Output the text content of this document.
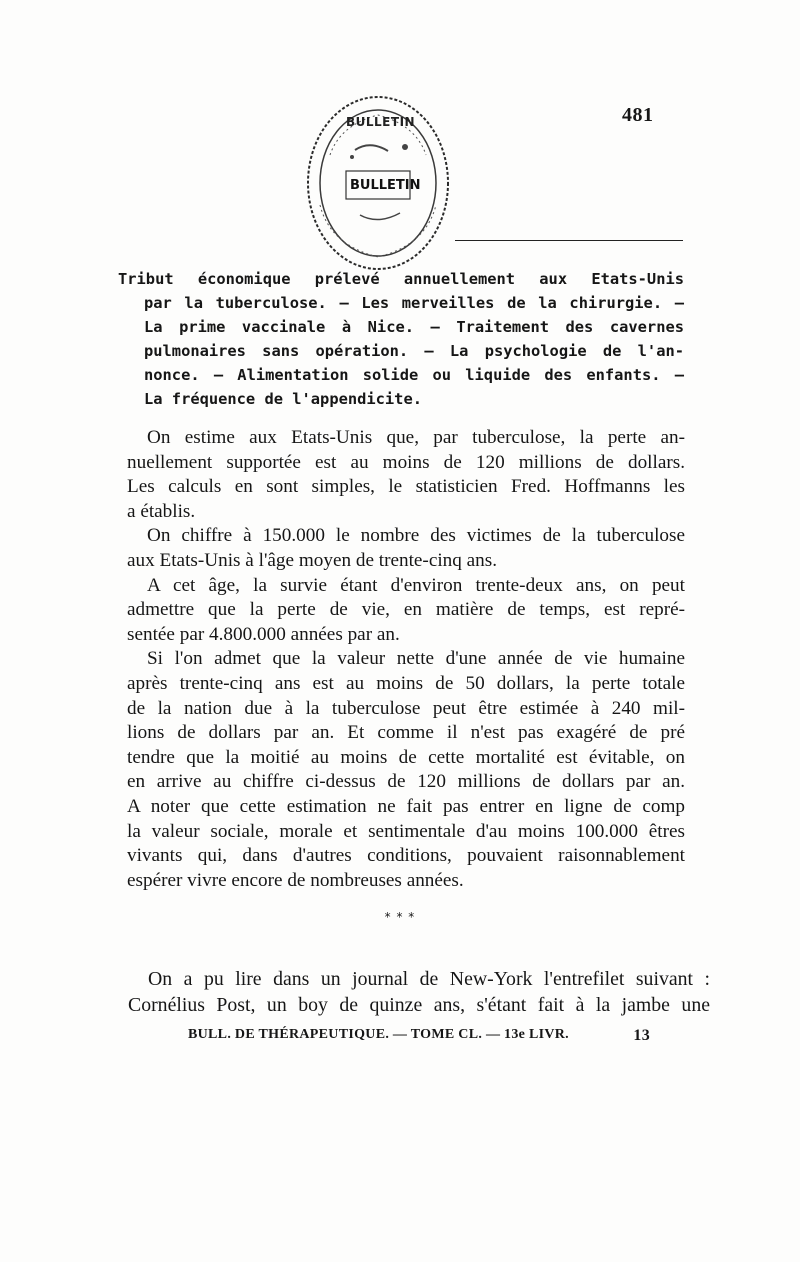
BULLETIN
BULLETIN
481
Tribut économique prélevé annuellement aux Etats-Unis
par la tuberculose. — Les merveilles de la chirurgie. —
La prime vaccinale à Nice. — Traitement des cavernes
pulmonaires sans opération. — La psychologie de l'an-
nonce. — Alimentation solide ou liquide des enfants. —
La fréquence de l'appendicite.
On estime aux Etats-Unis que, par tuberculose, la perte an-
nuellement supportée est au moins de 120 millions de dollars.
Les calculs en sont simples, le statisticien Fred. Hoffmanns les
a établis.
On chiffre à 150.000 le nombre des victimes de la tuberculose
aux Etats-Unis à l'âge moyen de trente-cinq ans.
A cet âge, la survie étant d'environ trente-deux ans, on peut
admettre que la perte de vie, en matière de temps, est repré-
sentée par 4.800.000 années par an.
Si l'on admet que la valeur nette d'une année de vie humaine
après trente-cinq ans est au moins de 50 dollars, la perte totale
de la nation due à la tuberculose peut être estimée à 240 mil-
lions de dollars par an. Et comme il n'est pas exagéré de pré
tendre que la moitié au moins de cette mortalité est évitable, on
en arrive au chiffre ci-dessus de 120 millions de dollars par an.
A noter que cette estimation ne fait pas entrer en ligne de comp
la valeur sociale, morale et sentimentale d'au moins 100.000 êtres
vivants qui, dans d'autres conditions, pouvaient raisonnablement
espérer vivre encore de nombreuses années.
* * *
On a pu lire dans un journal de New-York l'entrefilet suivant :
Cornélius Post, un boy de quinze ans, s'étant fait à la jambe une
BULL. DE THÉRAPEUTIQUE. — TOME CL. — 13e LIVR.	13
